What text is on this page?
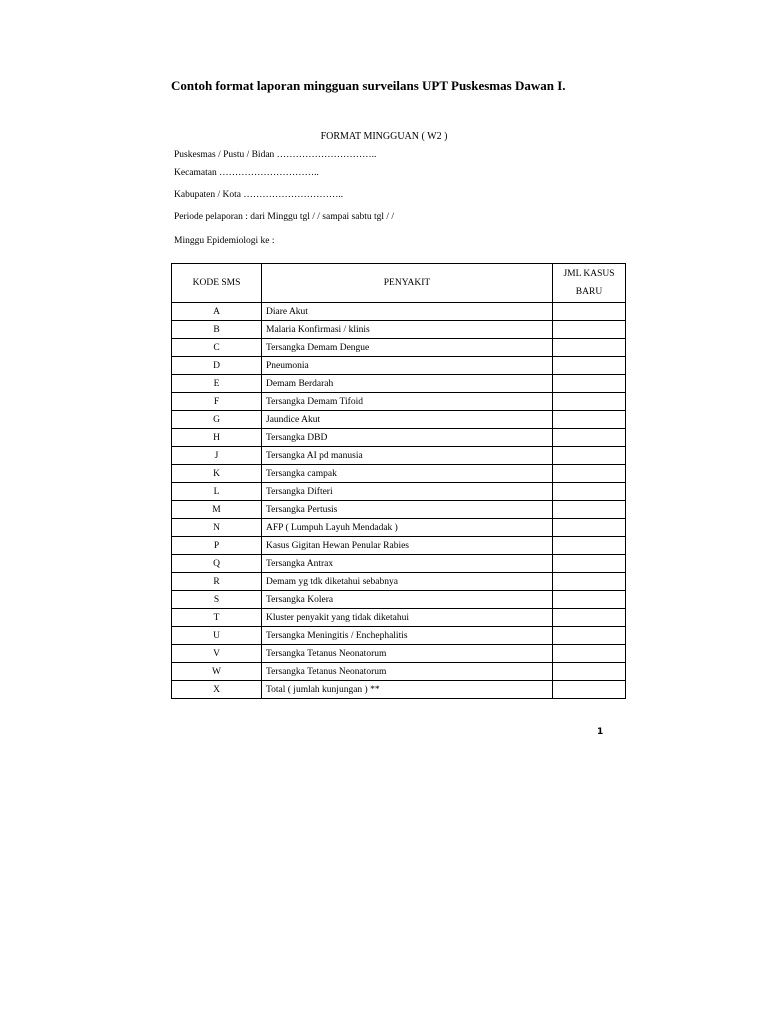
Contoh format laporan mingguan surveilans UPT Puskesmas Dawan I.
FORMAT MINGGUAN ( W2 )
Puskesmas / Pustu / Bidan …………………………..
Kecamatan …………………………..
Kabupaten / Kota …………………………..
Periode pelaporan : dari Minggu tgl / / sampai sabtu tgl / /
Minggu Epidemiologi ke :
KODE SMS	PENYAKIT	JML KASUS
BARU

A	Diare Akut	
B	Malaria Konfirmasi / klinis	
C	Tersangka Demam Dengue	
D	Pneumonia	
E	Demam Berdarah	
F	Tersangka Demam Tifoid	
G	Jaundice Akut	
H	Tersangka DBD	
J	Tersangka AI pd manusia	
K	Tersangka campak	
L	Tersangka Difteri	
M	Tersangka Pertusis	
N	AFP ( Lumpuh Layuh Mendadak )	
P	Kasus Gigitan Hewan Penular Rabies	
Q	Tersangka Antrax	
R	Demam yg tdk diketahui sebabnya	
S	Tersangka Kolera	
T	Kluster penyakit yang tidak diketahui	
U	Tersangka Meningitis / Enchephalitis	
V	Tersangka Tetanus Neonatorum	
W	Tersangka Tetanus Neonatorum	
X	Total ( jumlah kunjungan ) **	
1
